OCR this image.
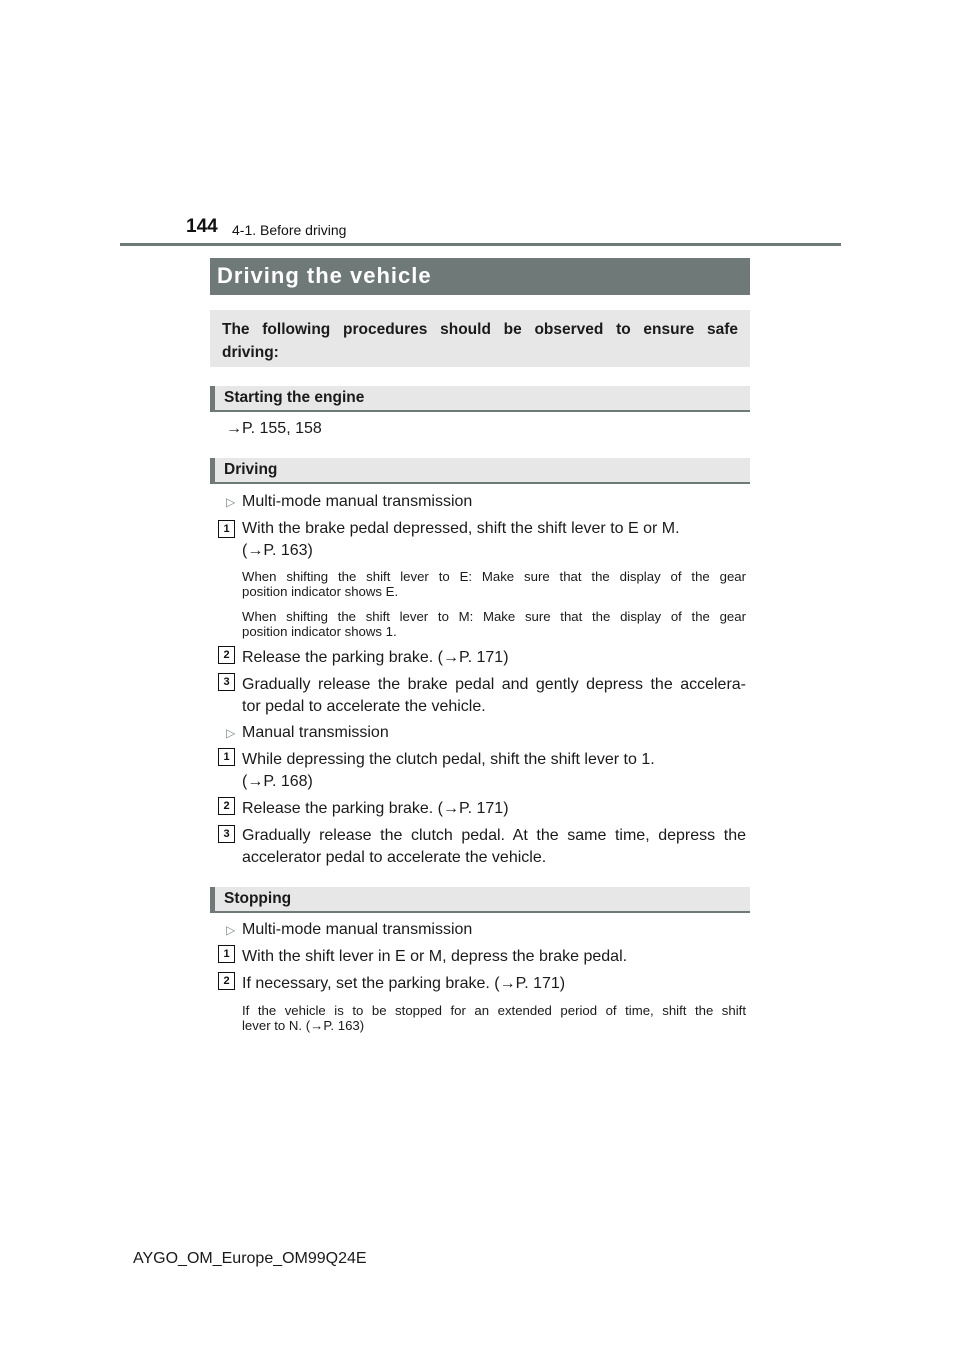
144 4-1. Before driving
Driving the vehicle
The following procedures should be observed to ensure safe
driving:
Starting the engine
→P. 155, 158
Driving
▷ Multi-mode manual transmission
1 With the brake pedal depressed, shift the shift lever to E or M.
(→P. 163)
When shifting the shift lever to E: Make sure that the display of the gear
position indicator shows E.
When shifting the shift lever to M: Make sure that the display of the gear
position indicator shows 1.
2 Release the parking brake. (→P. 171)
3 Gradually release the brake pedal and gently depress the accelera-
tor pedal to accelerate the vehicle.
▷ Manual transmission
1 While depressing the clutch pedal, shift the shift lever to 1.
(→P. 168)
2 Release the parking brake. (→P. 171)
3 Gradually release the clutch pedal. At the same time, depress the
accelerator pedal to accelerate the vehicle.
Stopping
▷ Multi-mode manual transmission
1 With the shift lever in E or M, depress the brake pedal.
2 If necessary, set the parking brake. (→P. 171)
If the vehicle is to be stopped for an extended period of time, shift the shift
lever to N. (→P. 163)
AYGO_OM_Europe_OM99Q24E
